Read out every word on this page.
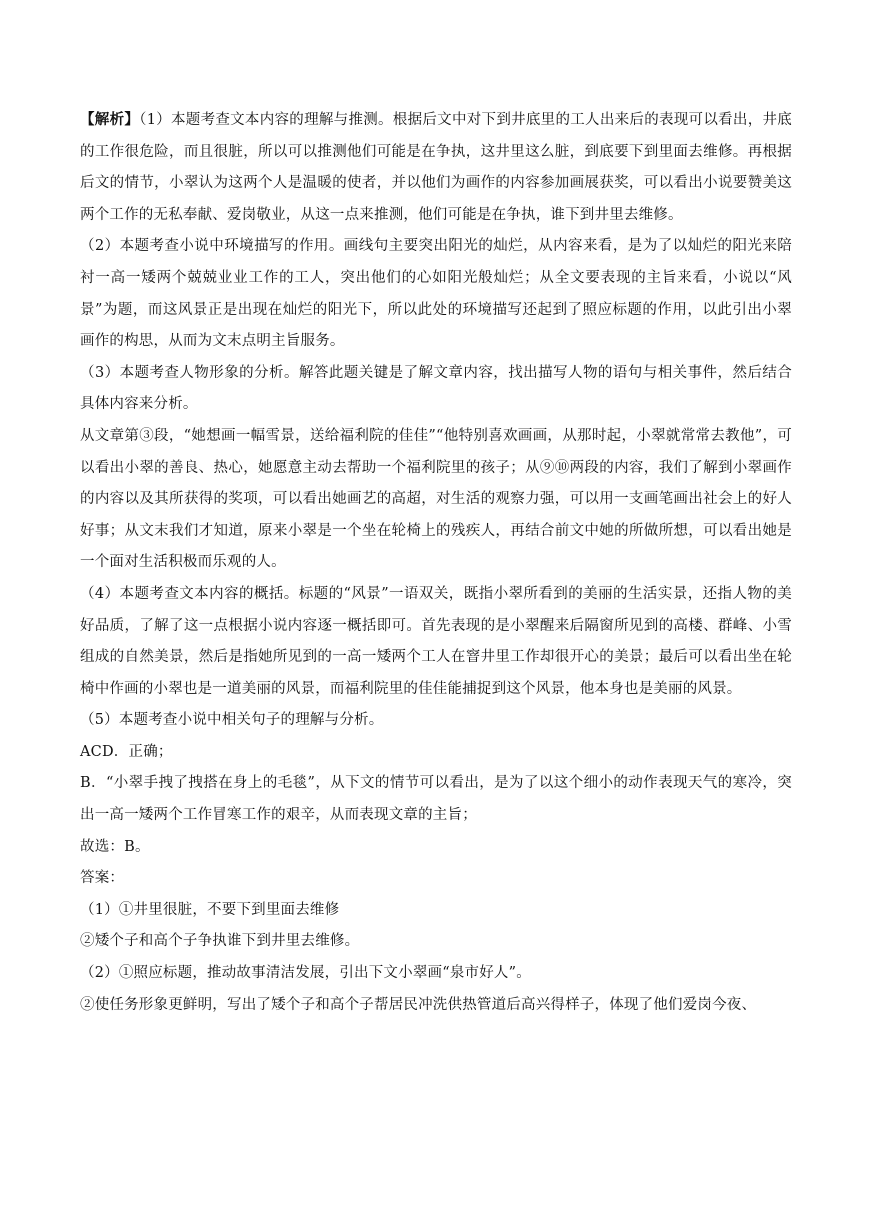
【解析】（1）本题考查文本内容的理解与推测。根据后文中对下到井底里的工人出来后的表现可以看出，井底的工作很危险，而且很脏，所以可以推测他们可能是在争执，这井里这么脏，到底要下到里面去维修。再根据后文的情节，小翠认为这两个人是温暖的使者，并以他们为画作的内容参加画展获奖，可以看出小说要赞美这两个工作的无私奉献、爱岗敬业，从这一点来推测，他们可能是在争执，谁下到井里去维修。

（2）本题考查小说中环境描写的作用。画线句主要突出阳光的灿烂，从内容来看，是为了以灿烂的阳光来陪衬一高一矮两个兢兢业业工作的工人，突出他们的心如阳光般灿烂；从全文要表现的主旨来看，小说以“风景”为题，而这风景正是出现在灿烂的阳光下，所以此处的环境描写还起到了照应标题的作用，以此引出小翠画作的构思，从而为文末点明主旨服务。

（3）本题考查人物形象的分析。解答此题关键是了解文章内容，找出描写人物的语句与相关事件，然后结合具体内容来分析。

从文章第③段，“她想画一幅雪景，送给福利院的佳佳”“他特别喜欢画画，从那时起，小翠就常常去教他”，可以看出小翠的善良、热心，她愿意主动去帮助一个福利院里的孩子；从⑨⑩两段的内容，我们了解到小翠画作的内容以及其所获得的奖项，可以看出她画艺的高超，对生活的观察力强，可以用一支画笔画出社会上的好人好事；从文末我们才知道，原来小翠是一个坐在轮椅上的残疾人，再结合前文中她的所做所想，可以看出她是一个面对生活积极而乐观的人。

（4）本题考查文本内容的概括。标题的“风景”一语双关，既指小翠所看到的美丽的生活实景，还指人物的美好品质，了解了这一点根据小说内容逐一概括即可。首先表现的是小翠醒来后隔窗所见到的高楼、群峰、小雪组成的自然美景，然后是指她所见到的一高一矮两个工人在窨井里工作却很开心的美景；最后可以看出坐在轮椅中作画的小翠也是一道美丽的风景，而福利院里的佳佳能捕捉到这个风景，他本身也是美丽的风景。

（5）本题考查小说中相关句子的理解与分析。

ACD．正确；

B．“小翠手拽了拽搭在身上的毛毯”，从下文的情节可以看出，是为了以这个细小的动作表现天气的寒冷，突出一高一矮两个工作冒寒工作的艰辛，从而表现文章的主旨；

故选：B。

答案：

（1）①井里很脏，不要下到里面去维修

②矮个子和高个子争执谁下到井里去维修。

（2）①照应标题，推动故事清洁发展，引出下文小翠画“泉市好人”。

②使任务形象更鲜明，写出了矮个子和高个子帮居民冲洗供热管道后高兴得样子，体现了他们爱岗今夜、
